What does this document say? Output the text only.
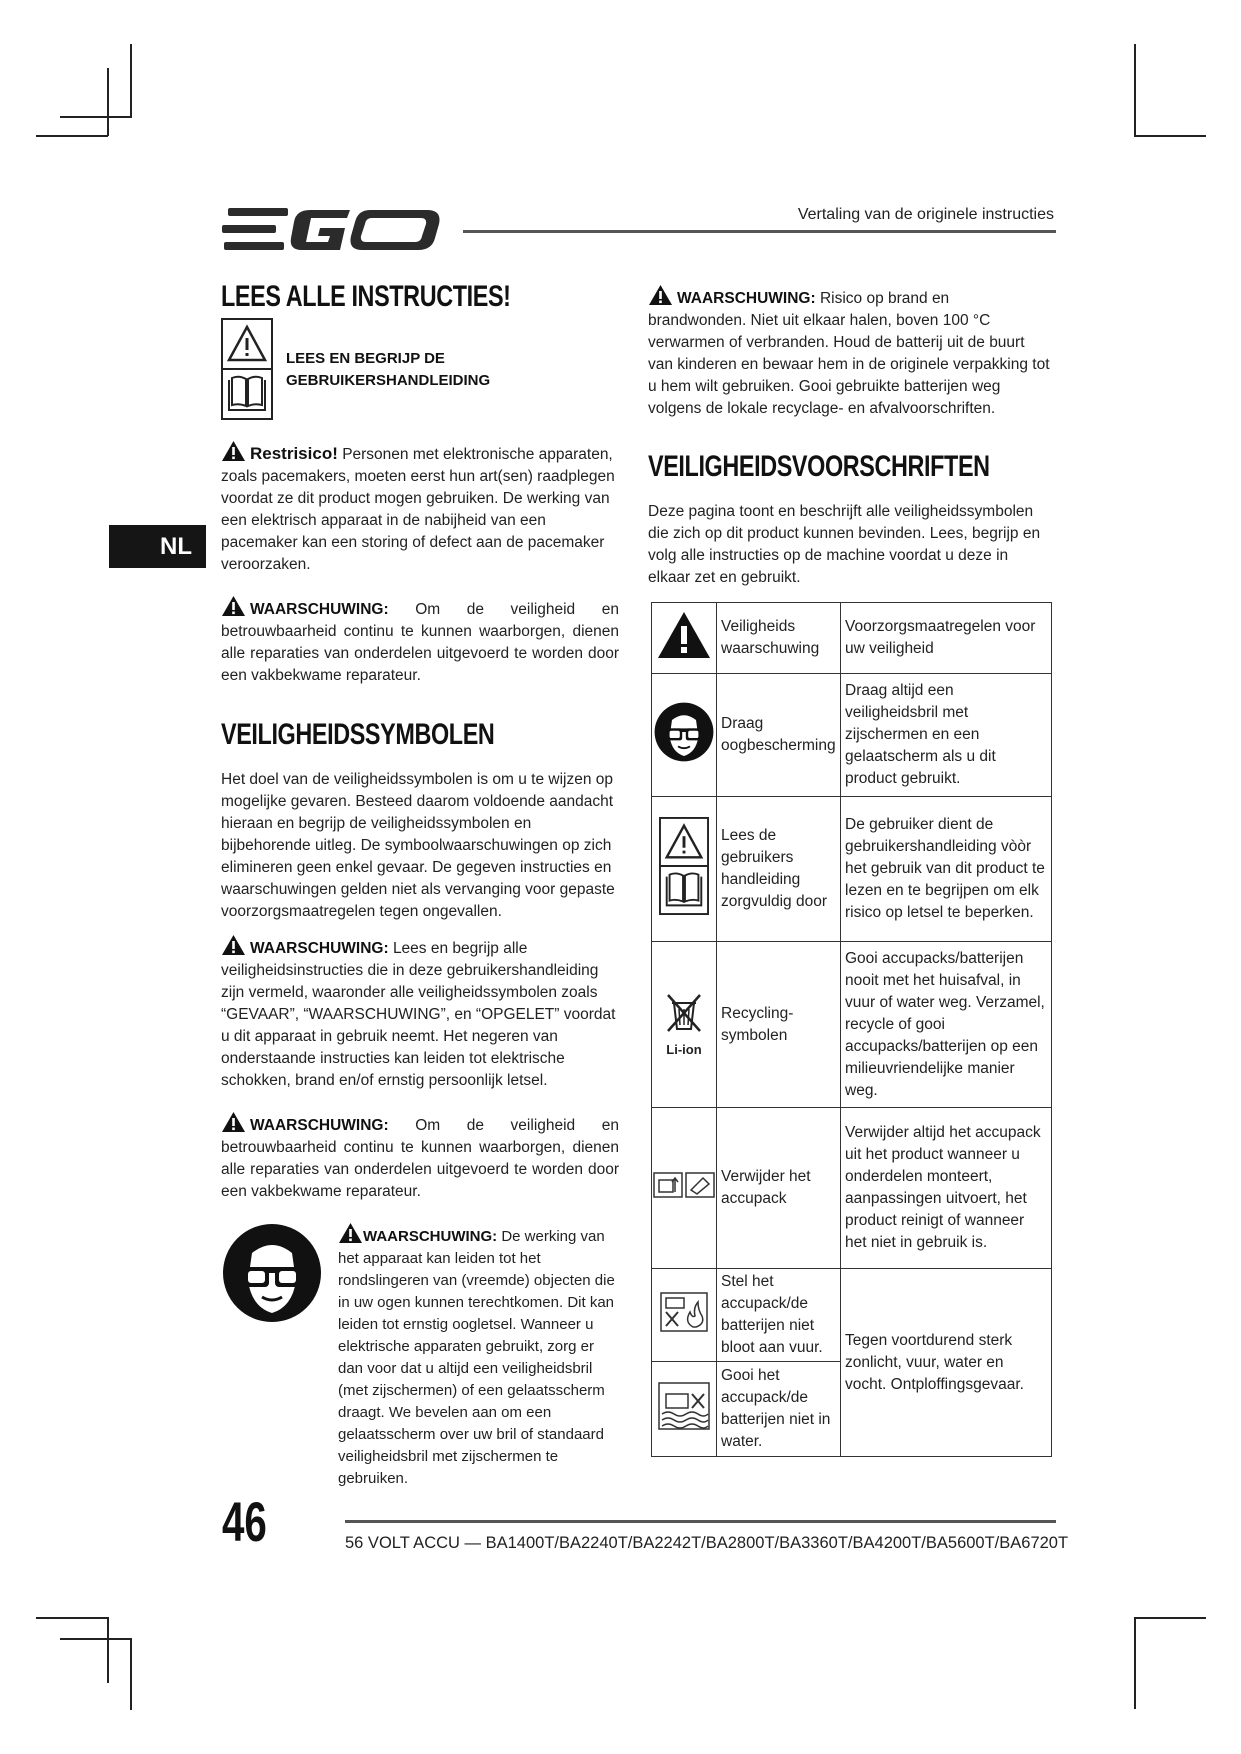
Vertaling van de originele instructies
NL
LEES ALLE INSTRUCTIES!
LEES EN BEGRIJP DE GEBRUIKERSHANDLEIDING
Restrisico! Personen met elektronische apparaten, zoals pacemakers, moeten eerst hun art(sen) raadplegen voordat ze dit product mogen gebruiken. De werking van een elektrisch apparaat in de nabijheid van een pacemaker kan een storing of defect aan de pacemaker veroorzaken.
WAARSCHUWING: Om de veiligheid en betrouwbaarheid continu te kunnen waarborgen, dienen alle reparaties van onderdelen uitgevoerd te worden door een vakbekwame reparateur.
VEILIGHEIDSSYMBOLEN
Het doel van de veiligheidssymbolen is om u te wijzen op mogelijke gevaren. Besteed daarom voldoende aandacht hieraan en begrijp de veiligheidssymbolen en bijbehorende uitleg. De symboolwaarschuwingen op zich elimineren geen enkel gevaar. De gegeven instructies en waarschuwingen gelden niet als vervanging voor gepaste voorzorgsmaatregelen tegen ongevallen.
WAARSCHUWING: Lees en begrijp alle veiligheidsinstructies die in deze gebruikershandleiding zijn vermeld, waaronder alle veiligheidssymbolen zoals “GEVAAR”, “WAARSCHUWING”, en “OPGELET” voordat u dit apparaat in gebruik neemt. Het negeren van onderstaande instructies kan leiden tot elektrische schokken, brand en/of ernstig persoonlijk letsel.
WAARSCHUWING: Om de veiligheid en betrouwbaarheid continu te kunnen waarborgen, dienen alle reparaties van onderdelen uitgevoerd te worden door een vakbekwame reparateur.
WAARSCHUWING: De werking van het apparaat kan leiden tot het rondslingeren van (vreemde) objecten die in uw ogen kunnen terechtkomen. Dit kan leiden tot ernstig oogletsel. Wanneer u elektrische apparaten gebruikt, zorg er dan voor dat u altijd een veiligheidsbril (met zijschermen) of een gelaatsscherm draagt. We bevelen aan om een gelaatsscherm over uw bril of standaard veiligheidsbril met zijschermen te gebruiken.
WAARSCHUWING: Risico op brand en brandwonden. Niet uit elkaar halen, boven 100 °C verwarmen of verbranden. Houd de batterij uit de buurt van kinderen en bewaar hem in de originele verpakking tot u hem wilt gebruiken. Gooi gebruikte batterijen weg volgens de lokale recyclage- en afvalvoorschriften.
VEILIGHEIDSVOORSCHRIFTEN
Deze pagina toont en beschrijft alle veiligheidssymbolen die zich op dit product kunnen bevinden. Lees, begrijp en volg alle instructies op de machine voordat u deze in elkaar zet en gebruikt.
	Veiligheids waarschuwing	Voorzorgsmaatregelen voor uw veiligheid
	Draag oogbescherming	Draag altijd een veiligheidsbril met zijschermen en een gelaatscherm als u dit product gebruikt.
	Lees de gebruikers handleiding zorgvuldig door	De gebruiker dient de gebruikershandleiding vòòr het gebruik van dit product te lezen en te begrijpen om elk risico op letsel te beperken.

Li-ion	Recycling-symbolen	Gooi accupacks/batterijen nooit met het huisafval, in vuur of water weg. Verzamel, recycle of gooi accupacks/batterijen op een milieuvriendelijke manier weg.
	Verwijder het accupack	Verwijder altijd het accupack uit het product wanneer u onderdelen monteert, aanpassingen uitvoert, het product reinigt of wanneer het niet in gebruik is.
	Stel het accupack/de batterijen niet bloot aan vuur.	Tegen voortdurend sterk zonlicht, vuur, water en vocht. Ontploffingsgevaar.
	Gooi het accupack/de batterijen niet in water.	
46	56 VOLT ACCU — BA1400T/BA2240T/BA2242T/BA2800T/BA3360T/BA4200T/BA5600T/BA6720T
